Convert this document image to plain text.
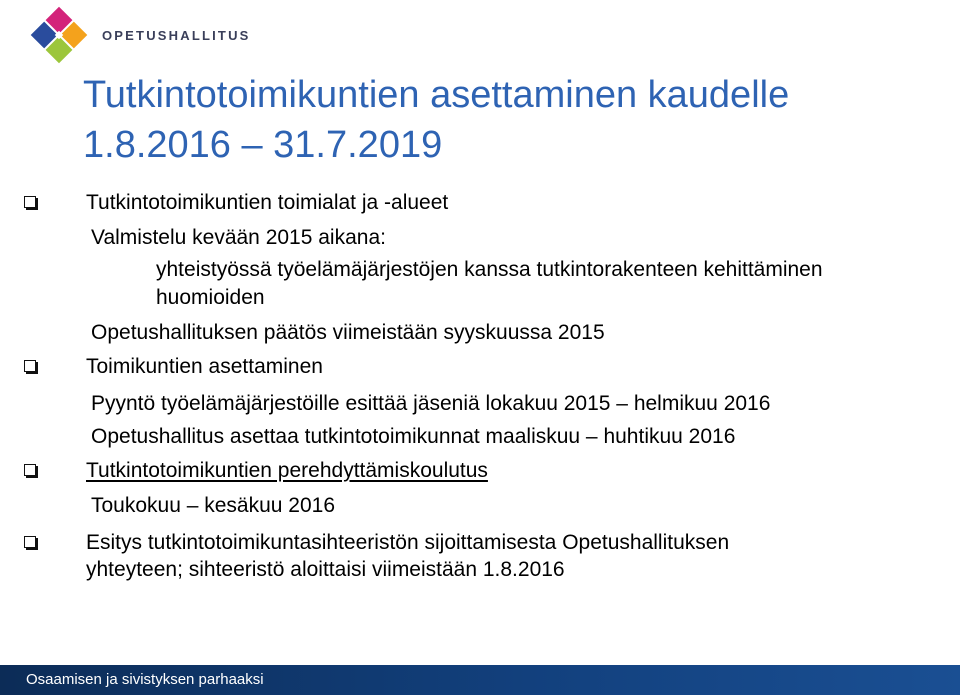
OPETUSHALLITUS
Tutkintotoimikuntien asettaminen kaudelle
1.8.2016 – 31.7.2019
Tutkintotoimikuntien toimialat ja -alueet
Valmistelu kevään 2015 aikana:
yhteistyössä työelämäjärjestöjen kanssa tutkintorakenteen kehittäminen
huomioiden
Opetushallituksen päätös viimeistään syyskuussa 2015
Toimikuntien asettaminen
Pyyntö työelämäjärjestöille esittää jäseniä lokakuu 2015 – helmikuu 2016
Opetushallitus asettaa tutkintotoimikunnat maaliskuu – huhtikuu 2016
Tutkintotoimikuntien perehdyttämiskoulutus
Toukokuu – kesäkuu 2016
Esitys tutkintotoimikuntasihteeristön sijoittamisesta Opetushallituksen
yhteyteen; sihteeristö aloittaisi viimeistään 1.8.2016
Osaamisen ja sivistyksen parhaaksi
